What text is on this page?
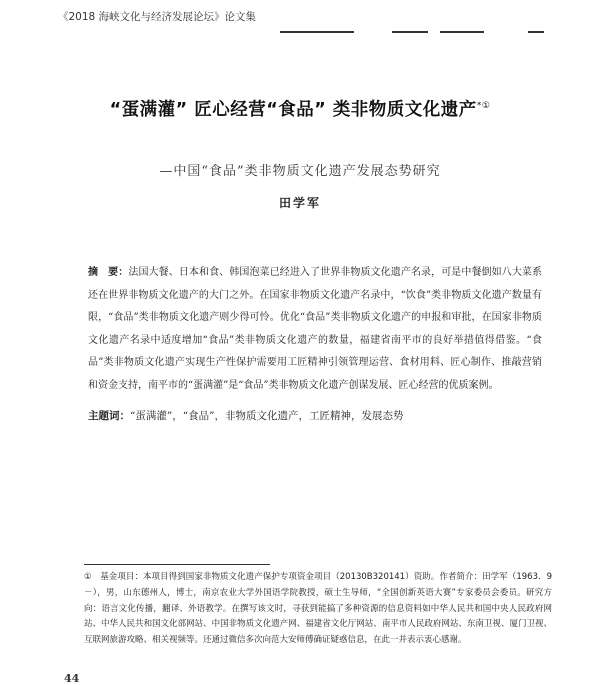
《2018 海峡文化与经济发展论坛》论文集
“蛋满灌” 匠心经营“食品” 类非物质文化遗产*①
—中国“食品”类非物质文化遗产发展态势研究
田学军
摘　要：法国大餐、日本和食、韩国泡菜已经进入了世界非物质文化遗产名录，可是中餐倒如八大菜系还在世界非物质文化遗产的大门之外。在国家非物质文化遗产名录中，“饮食”类非物质文化遗产数量有限，“食品”类非物质文化遗产则少得可怜。优化“食品”类非物质文化遗产的申报和审批，在国家非物质文化遗产名录中适度增加“食品”类非物质文化遗产的数量，福建省南平市的良好举措值得借鉴。“食品”类非物质文化遗产实现生产性保护需要用工匠精神引领管理运营、食材用料、匠心制作、推敲营销和资金支持，南平市的“蛋满灌”是“食品”类非物质文化遗产创谋发展、匠心经营的优质案例。
主题词：“蛋满灌”，“食品”，非物质文化遗产，工匠精神，发展态势
①　基金项目：本项目得到国家非物质文化遗产保护专项资金项目（20130B320141）资助。作者简介：田学军（1963．9－），男，山东德州人，博士，南京农业大学外国语学院教授，硕士生导师，“全国创新英语大赛”专家委员会委员。研究方向：语言文化传播，翻译、外语教学。在撰写该文时，寻获到能搞了多种资源的信息资料如中华人民共和国中央人民政府网站、中华人民共和国文化部网站、中国非物质文化遗产网、福建省文化厅网站、南平市人民政府网站、东南卫视、厦门卫视、互联网旅游攻略、相关视频等。还通过微信多次向范大安师傅确证疑惑信息，在此一并表示衷心感谢。
44
